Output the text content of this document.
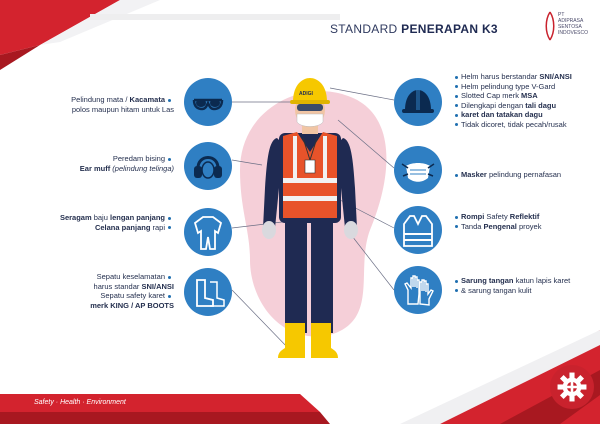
STANDARD PENERAPAN K3
PT
ADIPRASA
SENTOSA
INDOVESCO
ADIGI
Pelindung mata / Kacamata
polos maupun hitam untuk Las
Peredam bising
Ear muff (pelindung telinga)
Seragam baju lengan panjang
Celana panjang rapi
Sepatu keselamatan
harus standar SNI/ANSI
Sepatu safety karet
merk KING / AP BOOTS
Helm harus berstandar SNI/ANSI
Helm pelindung type V-Gard
Slotted Cap merk MSA
Dilengkapi dengan tali dagu
karet dan tatakan dagu
Tidak dicoret, tidak pecah/rusak
Masker pelindung pernafasan
Rompi Safety Reflektif
Tanda Pengenal proyek
Sarung tangan katun lapis karet
& sarung tangan kulit
Safety · Health · Environment
